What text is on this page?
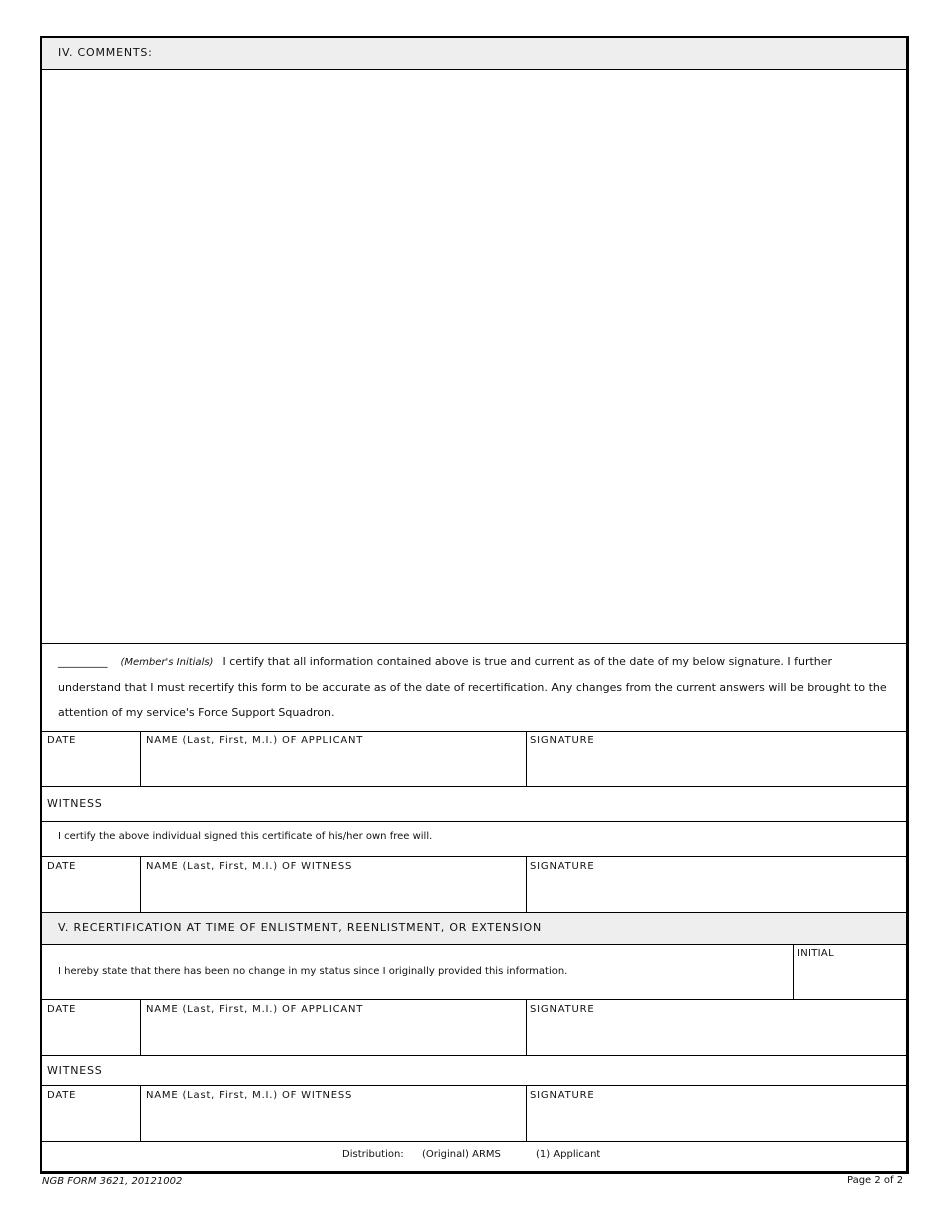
IV. COMMENTS:
_________ (Member's Initials) I certify that all information contained above is true and current as of the date of my below signature. I further understand that I must recertify this form to be accurate as of the date of recertification. Any changes from the current answers will be brought to the attention of my service's Force Support Squadron.
DATE	NAME (Last, First, M.I.) OF APPLICANT	SIGNATURE
WITNESS
I certify the above individual signed this certificate of his/her own free will.
DATE	NAME (Last, First, M.I.) OF WITNESS	SIGNATURE
V. RECERTIFICATION AT TIME OF ENLISTMENT, REENLISTMENT, OR EXTENSION
I hereby state that there has been no change in my status since I originally provided this information.
INITIAL
DATE	NAME (Last, First, M.I.) OF APPLICANT	SIGNATURE
WITNESS
DATE	NAME (Last, First, M.I.) OF WITNESS	SIGNATURE
Distribution: (Original) ARMS	(1) Applicant
NGB FORM 3621, 20121002	Page 2 of 2
